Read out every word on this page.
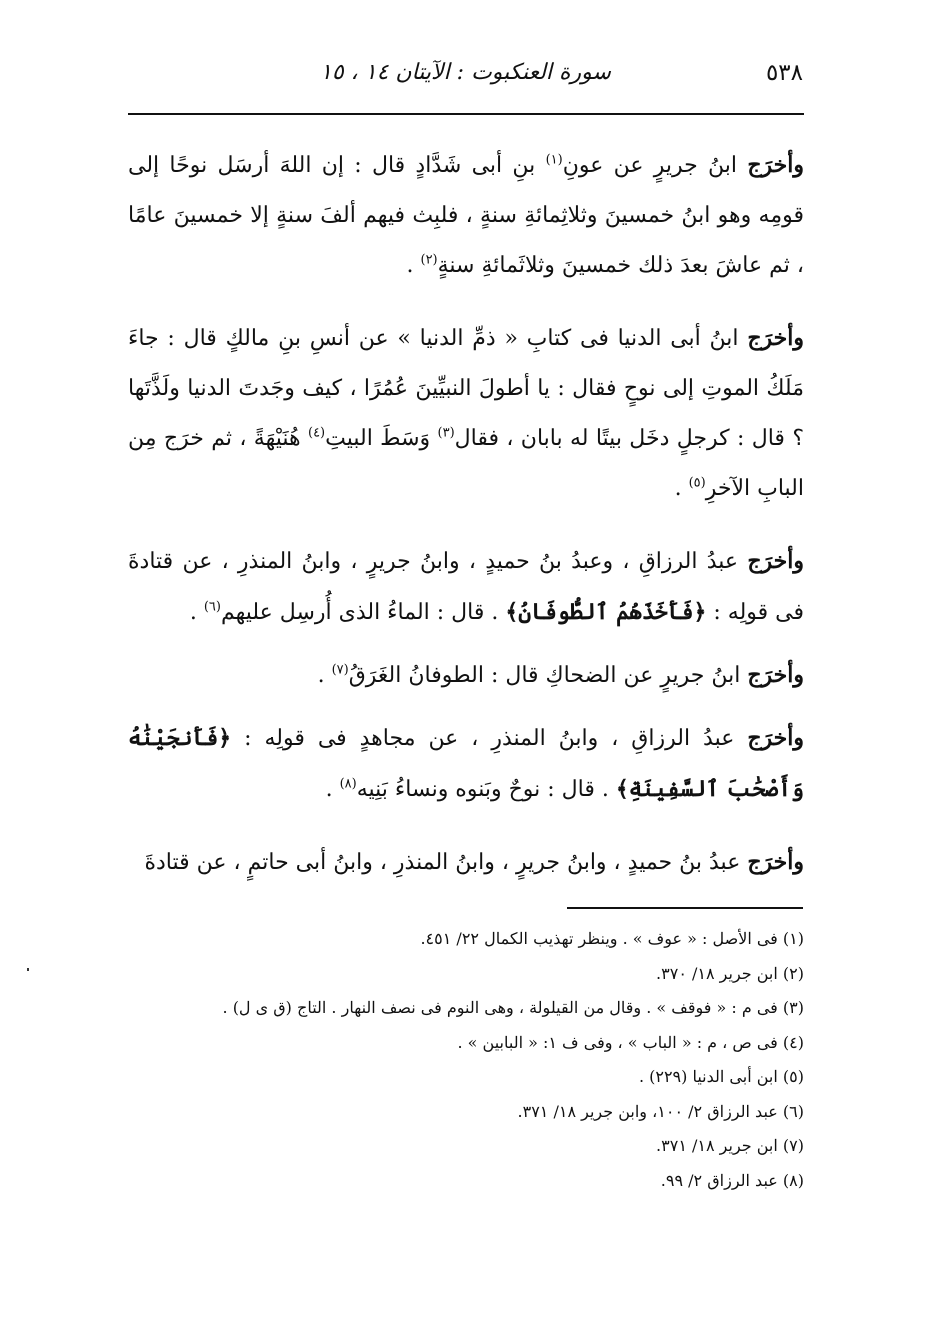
٥٣٨
سورة العنكبوت : الآيتان ١٤ ، ١٥

وأخرَج ابنُ جريرٍ عن عونِ$^{(١)}$ بنِ أبى شَدَّادٍ قال : إن اللهَ أرسَل نوحًا إلى قومِه وهو ابنُ خمسينَ وثلاثِمائةِ سنةٍ ، فلبِث فيهم ألفَ سنةٍ إلا خمسينَ عامًا ، ثم عاشَ بعدَ ذلك خمسينَ وثلاثَمائةِ سنةٍ$^{(٢)}$ .

وأخرَج ابنُ أبى الدنيا فى كتابِ « ذمِّ الدنيا » عن أنسِ بنِ مالكٍ قال : جاءَ مَلَكُ الموتِ إلى نوحٍ فقال : يا أطولَ النبيِّينَ عُمُرًا ، كيف وجَدتَ الدنيا ولَذَّتَها ؟ قال : كرجلٍ دخَل بيتًا له بابان ، فقال$^{(٣)}$ وَسَطَ البيتِ$^{(٤)}$ هُنَيْهَةً ، ثم خرَج مِن البابِ الآخرِ$^{(٥)}$ .

وأخرَج عبدُ الرزاقِ ، وعبدُ بنُ حميدٍ ، وابنُ جريرٍ ، وابنُ المنذرِ ، عن قتادةَ فى قولِه : ﴿فَأَخَذَهُمُ ٱلطُّوفَانُ﴾ . قال : الماءُ الذى أُرسِل عليهم$^{(٦)}$ .

وأخرَج ابنُ جريرٍ عن الضحاكِ قال : الطوفانُ الغَرَقُ$^{(٧)}$ .

وأخرَج عبدُ الرزاقِ ، وابنُ المنذرِ ، عن مجاهدٍ فى قولِه : ﴿فَأَنجَيْنَٰهُ وَأَصْحَٰبَ ٱلسَّفِينَةِ﴾ . قال : نوحٌ وبَنوه ونساءُ بَنِيه$^{(٨)}$ .

وأخرَج عبدُ بنُ حميدٍ ، وابنُ جريرٍ ، وابنُ المنذرِ ، وابنُ أبى حاتمٍ ، عن قتادةَ

(١) فى الأصل : « عوف » . وينظر تهذيب الكمال ٢٢/ ٤٥١.

(٢) ابن جرير ١٨/ ٣٧٠.

(٣) فى م : « فوقف » . وقال من القيلولة ، وهى النوم فى نصف النهار . التاج (ق ى ل) .

(٤) فى ص ، م : « الباب » ، وفى ف ١: « البابين » .

(٥) ابن أبى الدنيا (٢٢٩) .

(٦) عبد الرزاق ٢/ ١٠٠، وابن جرير ١٨/ ٣٧١.

(٧) ابن جرير ١٨/ ٣٧١.

(٨) عبد الرزاق ٢/ ٩٩.
